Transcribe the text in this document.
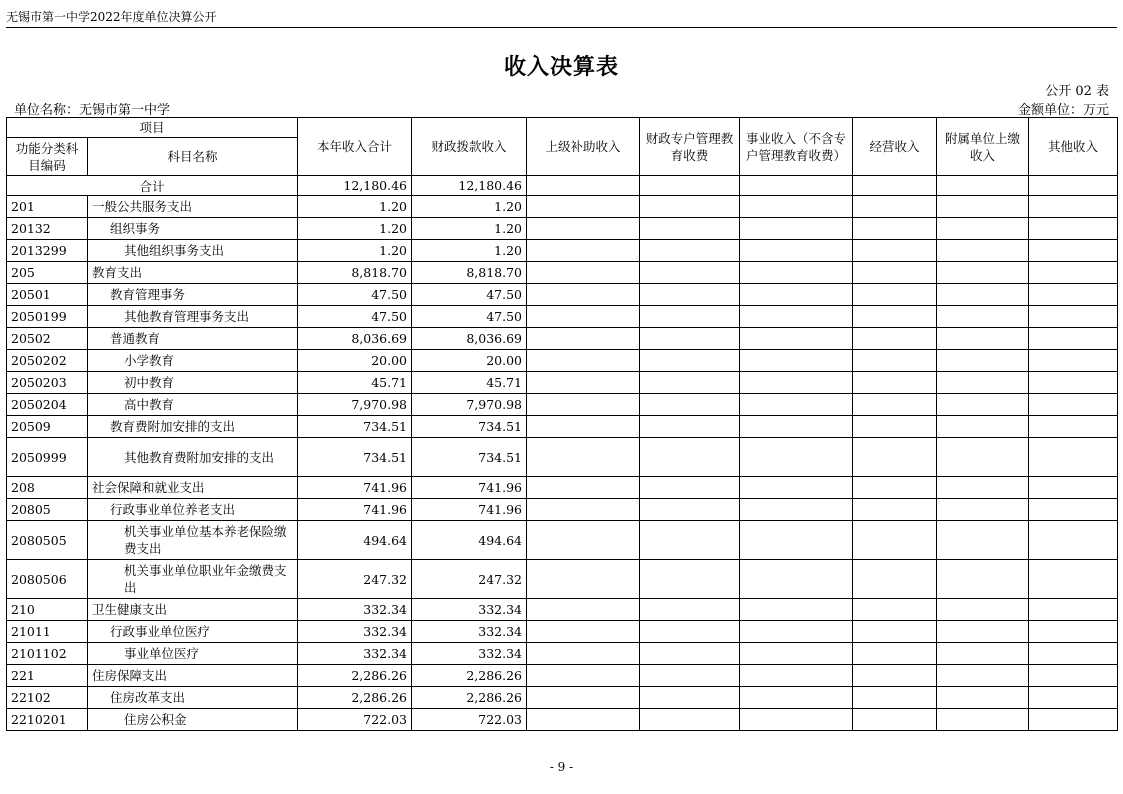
无锡市第一中学2022年度单位决算公开
收入决算表
公开 02 表
单位名称：无锡市第一中学	金额单位：万元
项目		本年收入合计	财政拨款收入	上级补助收入	财政专户管理教育收费	事业收入（不含专户管理教育收费）	经营收入	附属单位上缴收入	其他收入
功能分类科目编码	科目名称								
合计		12,180.46	12,180.46						
201	一般公共服务支出	1.20	1.20						
20132	组织事务	1.20	1.20						
2013299	其他组织事务支出	1.20	1.20						
205	教育支出	8,818.70	8,818.70						
20501	教育管理事务	47.50	47.50						
2050199	其他教育管理事务支出	47.50	47.50						
20502	普通教育	8,036.69	8,036.69						
2050202	小学教育	20.00	20.00						
2050203	初中教育	45.71	45.71						
2050204	高中教育	7,970.98	7,970.98						
20509	教育费附加安排的支出	734.51	734.51						
2050999	其他教育费附加安排的支出	734.51	734.51						
208	社会保障和就业支出	741.96	741.96						
20805	行政事业单位养老支出	741.96	741.96						
2080505	机关事业单位基本养老保险缴费支出	494.64	494.64						
2080506	机关事业单位职业年金缴费支出	247.32	247.32						
210	卫生健康支出	332.34	332.34						
21011	行政事业单位医疗	332.34	332.34						
2101102	事业单位医疗	332.34	332.34						
221	住房保障支出	2,286.26	2,286.26						
22102	住房改革支出	2,286.26	2,286.26						
2210201	住房公积金	722.03	722.03						
- 9 -
